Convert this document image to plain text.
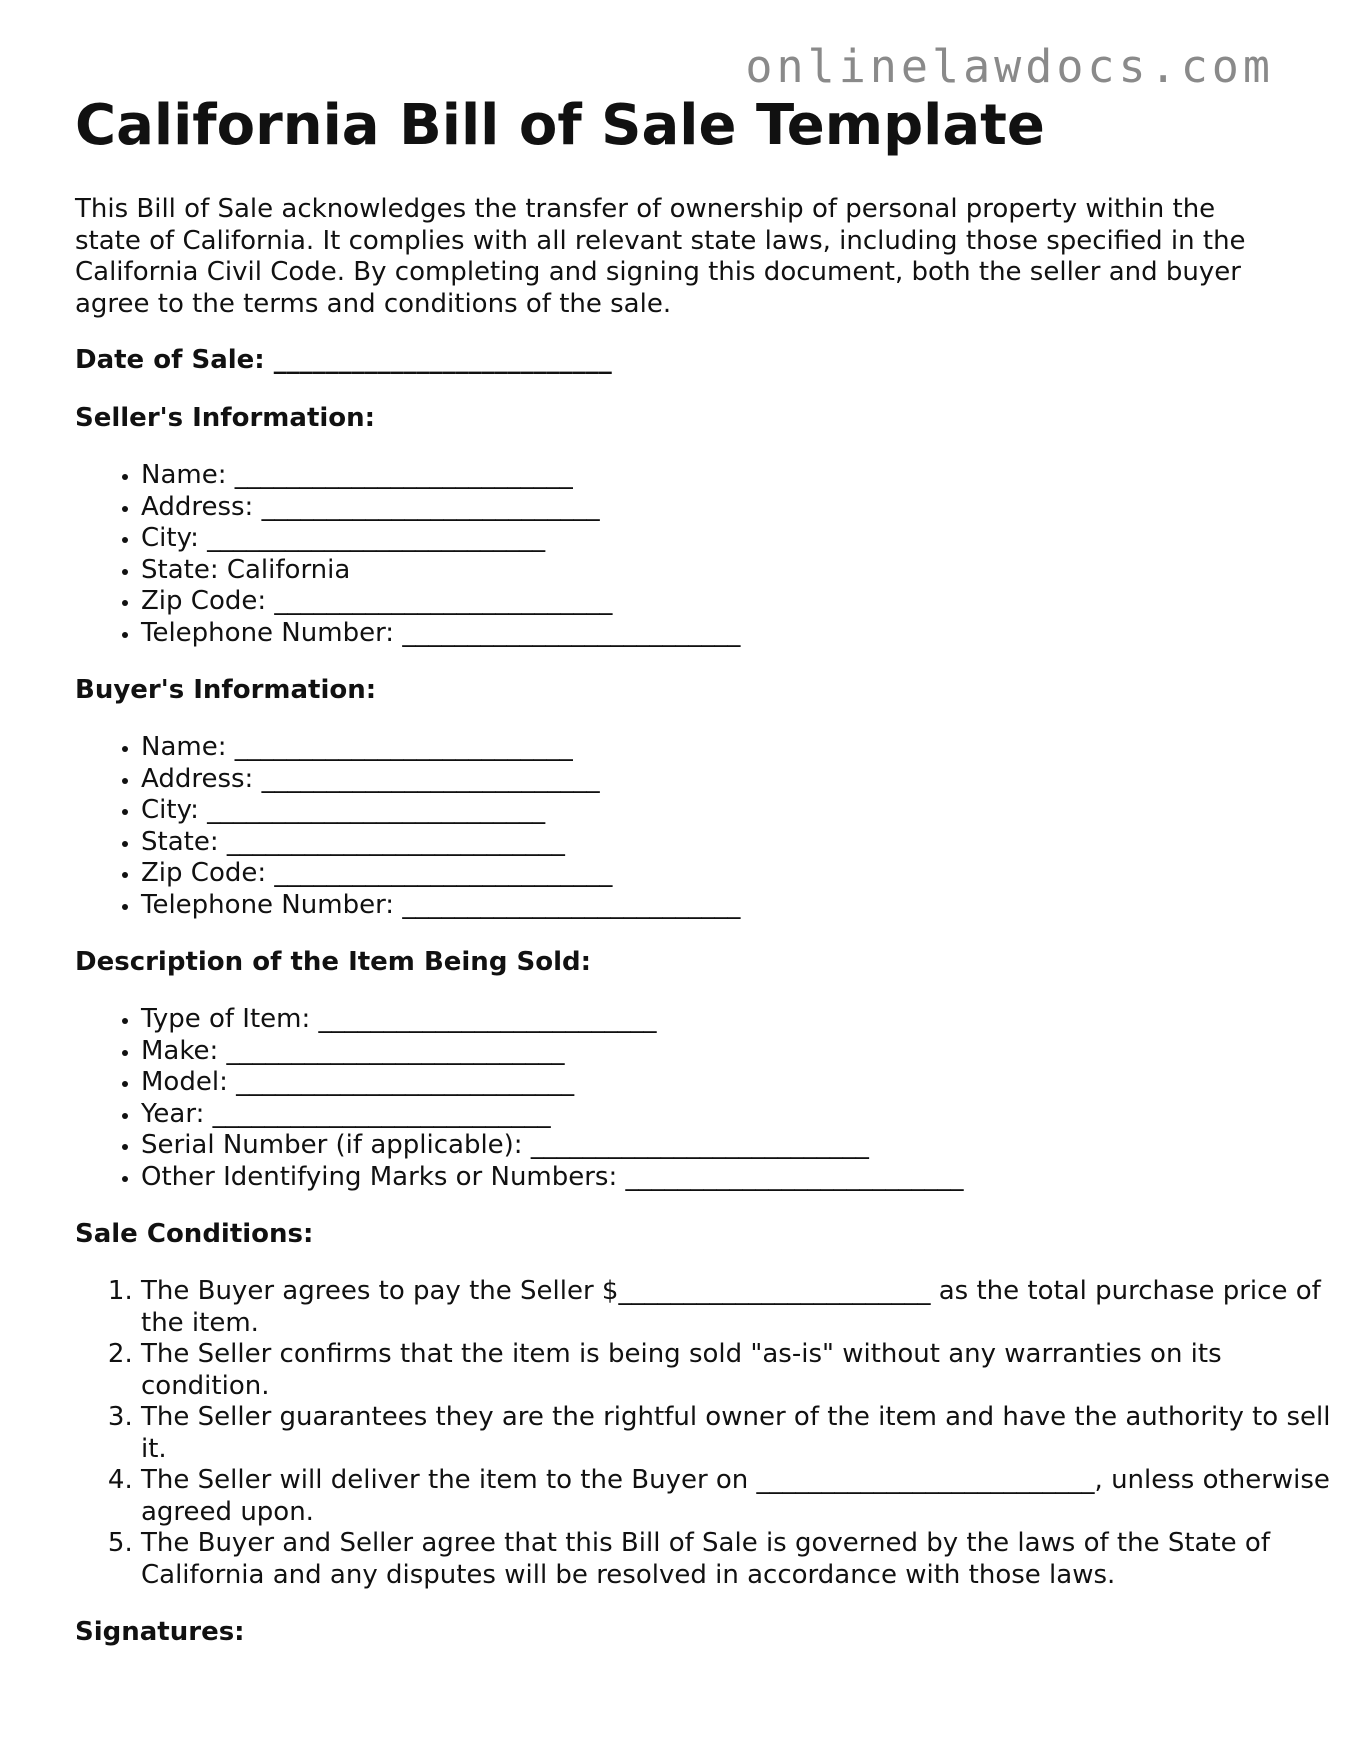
onlinelawdocs.com
California Bill of Sale Template

This Bill of Sale acknowledges the transfer of ownership of personal property within the state of California. It complies with all relevant state laws, including those specified in the California Civil Code. By completing and signing this document, both the seller and buyer agree to the terms and conditions of the sale.

Date of Sale: __________________________

Seller's Information:

• Name: __________________________
• Address: __________________________
• City: __________________________
• State: California
• Zip Code: __________________________
• Telephone Number: __________________________

Buyer's Information:

• Name: __________________________
• Address: __________________________
• City: __________________________
• State: __________________________
• Zip Code: __________________________
• Telephone Number: __________________________

Description of the Item Being Sold:

• Type of Item: __________________________
• Make: __________________________
• Model: __________________________
• Year: __________________________
• Serial Number (if applicable): __________________________
• Other Identifying Marks or Numbers: __________________________

Sale Conditions:

1. The Buyer agrees to pay the Seller $________________________ as the total purchase price of the item.
2. The Seller confirms that the item is being sold "as-is" without any warranties on its condition.
3. The Seller guarantees they are the rightful owner of the item and have the authority to sell it.
4. The Seller will deliver the item to the Buyer on __________________________, unless otherwise agreed upon.
5. The Buyer and Seller agree that this Bill of Sale is governed by the laws of the State of California and any disputes will be resolved in accordance with those laws.

Signatures:
